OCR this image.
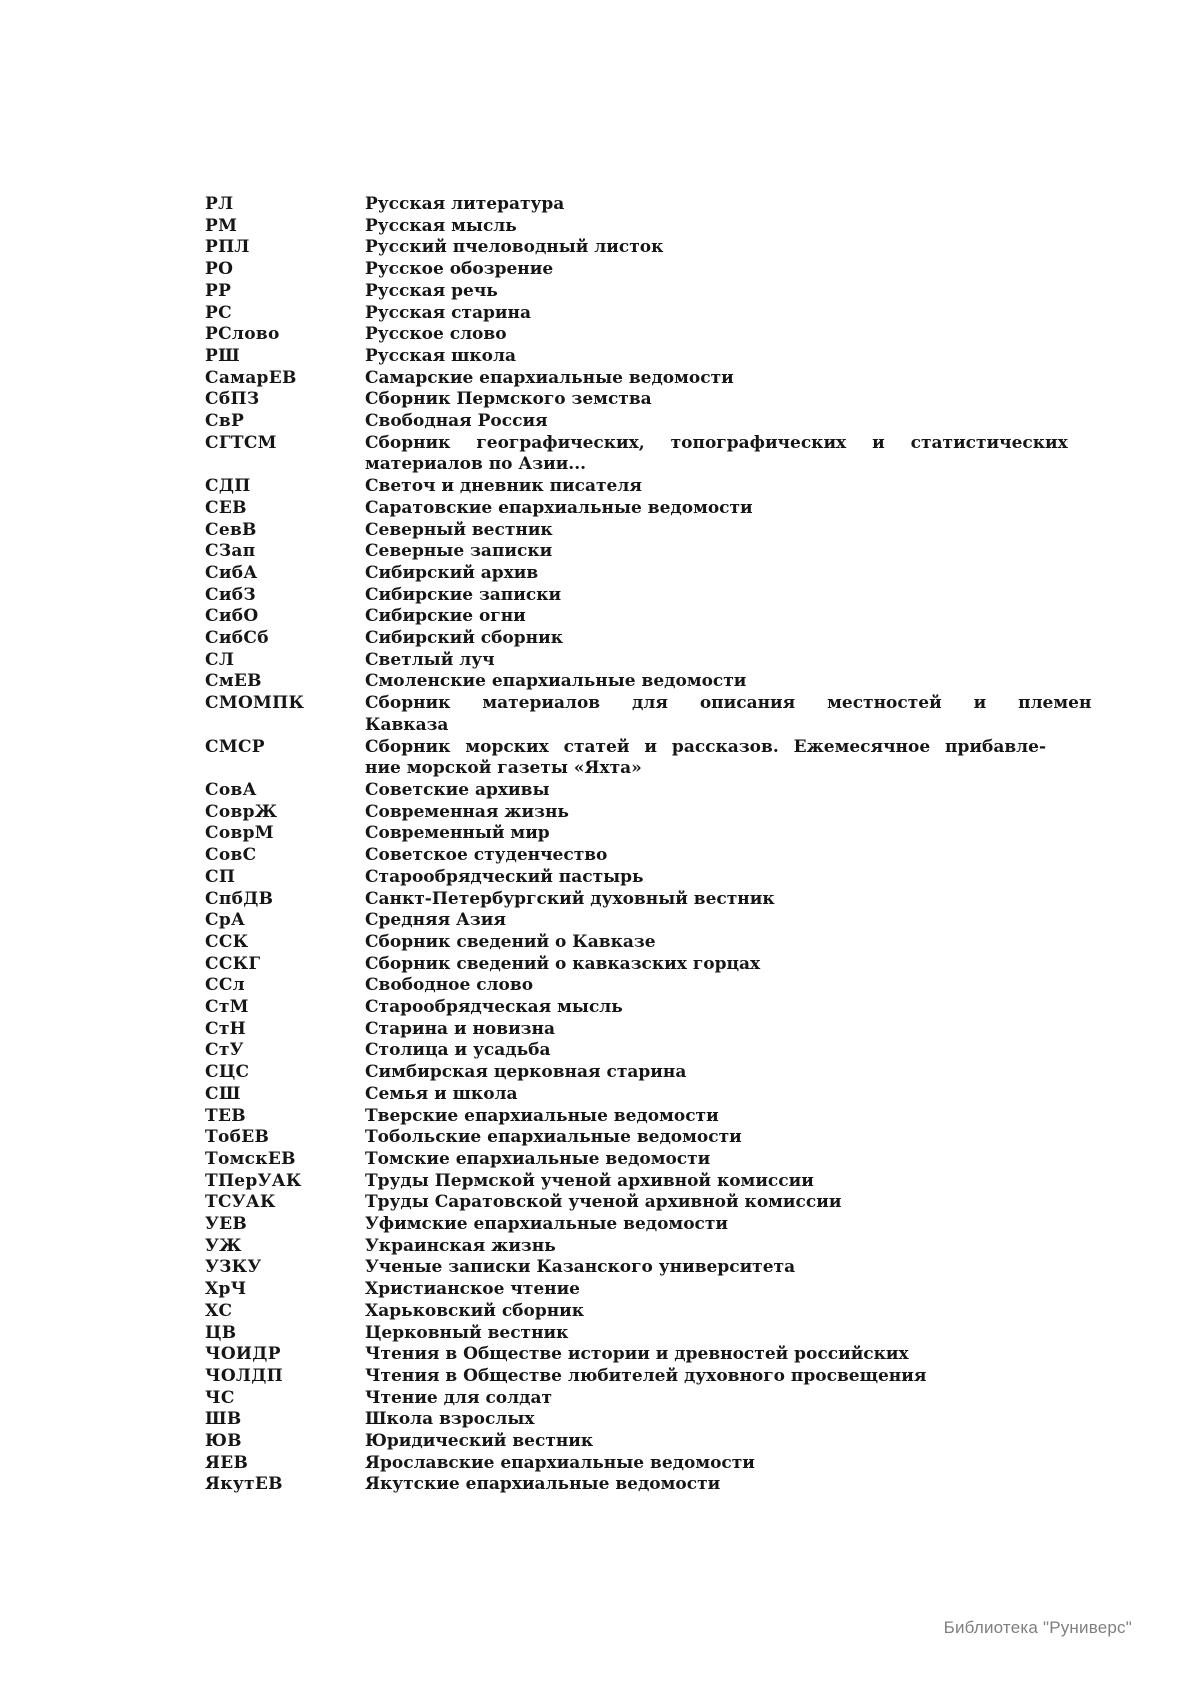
РЛ	Русская литература
РМ	Русская мысль
РПЛ	Русский пчеловодный листок
РО	Русское обозрение
РР	Русская речь
РС	Русская старина
РСлово	Русское слово
РШ	Русская школа
СамарЕВ	Самарские епархиальные ведомости
СбПЗ	Сборник Пермского земства
СвР	Свободная Россия
СГТСМ	Сборник географических, топографических и статистических
материалов по Азии...
СДП	Светоч и дневник писателя
СЕВ	Саратовские епархиальные ведомости
СевВ	Северный вестник
СЗап	Северные записки
СибА	Сибирский архив
СибЗ	Сибирские записки
СибО	Сибирские огни
СибСб	Сибирский сборник
СЛ	Светлый луч
СмЕВ	Смоленские епархиальные ведомости
СМОМПК	Сборник материалов для описания местностей и племен
Кавказа
СМСР	Сборник морских статей и рассказов. Ежемесячное прибавле-
ние морской газеты «Яхта»
СовА	Советские архивы
СоврЖ	Современная жизнь
СоврМ	Современный мир
СовС	Советское студенчество
СП	Старообрядческий пастырь
СпбДВ	Санкт-Петербургский духовный вестник
СрА	Средняя Азия
ССК	Сборник сведений о Кавказе
ССКГ	Сборник сведений о кавказских горцах
ССл	Свободное слово
СтМ	Старообрядческая мысль
СтН	Старина и новизна
СтУ	Столица и усадьба
СЦС	Симбирская церковная старина
СШ	Семья и школа
ТЕВ	Тверские епархиальные ведомости
ТобЕВ	Тобольские епархиальные ведомости
ТомскЕВ	Томские епархиальные ведомости
ТПерУАК	Труды Пермской ученой архивной комиссии
ТСУАК	Труды Саратовской ученой архивной комиссии
УЕВ	Уфимские епархиальные ведомости
УЖ	Украинская жизнь
УЗКУ	Ученые записки Казанского университета
ХрЧ	Христианское чтение
ХС	Харьковский сборник
ЦВ	Церковный вестник
ЧОИДР	Чтения в Обществе истории и древностей российских
ЧОЛДП	Чтения в Обществе любителей духовного просвещения
ЧС	Чтение для солдат
ШВ	Школа взрослых
ЮВ	Юридический вестник
ЯЕВ	Ярославские епархиальные ведомости
ЯкутЕВ	Якутские епархиальные ведомости
Библиотека "Руниверс"
